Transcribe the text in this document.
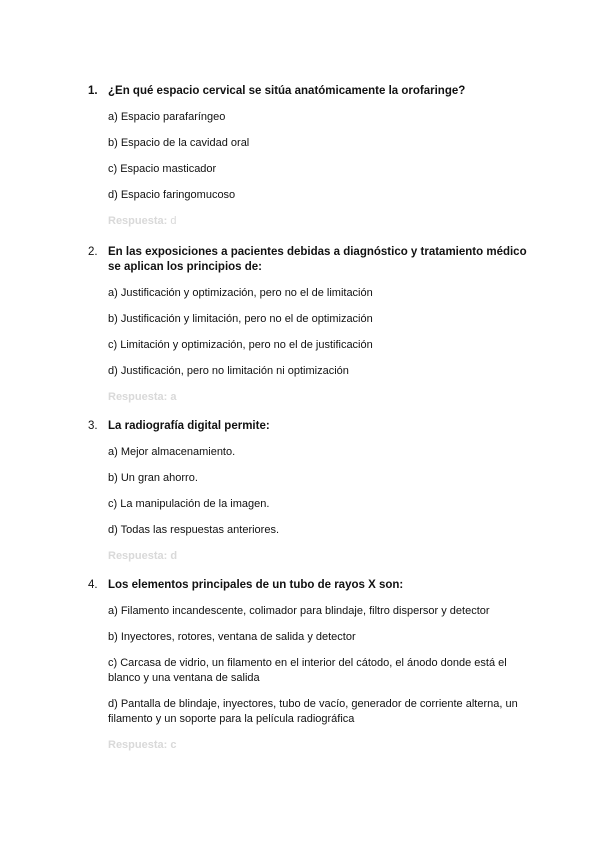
1. ¿En qué espacio cervical se sitúa anatómicamente la orofaringe?
a) Espacio parafaríngeo
b) Espacio de la cavidad oral
c) Espacio masticador
d) Espacio faringomucoso
Respuesta: d
2. En las exposiciones a pacientes debidas a diagnóstico y tratamiento médico se aplican los principios de:
a) Justificación y optimización, pero no el de limitación
b) Justificación y limitación, pero no el de optimización
c) Limitación y optimización, pero no el de justificación
d) Justificación, pero no limitación ni optimización
Respuesta: a
3. La radiografía digital permite:
a) Mejor almacenamiento.
b) Un gran ahorro.
c) La manipulación de la imagen.
d) Todas las respuestas anteriores.
Respuesta: d
4. Los elementos principales de un tubo de rayos X son:
a) Filamento incandescente, colimador para blindaje, filtro dispersor y detector
b) Inyectores, rotores, ventana de salida y detector
c) Carcasa de vidrio, un filamento en el interior del cátodo, el ánodo donde está el blanco y una ventana de salida
d) Pantalla de blindaje, inyectores, tubo de vacío, generador de corriente alterna, un filamento y un soporte para la película radiográfica
Respuesta: c
